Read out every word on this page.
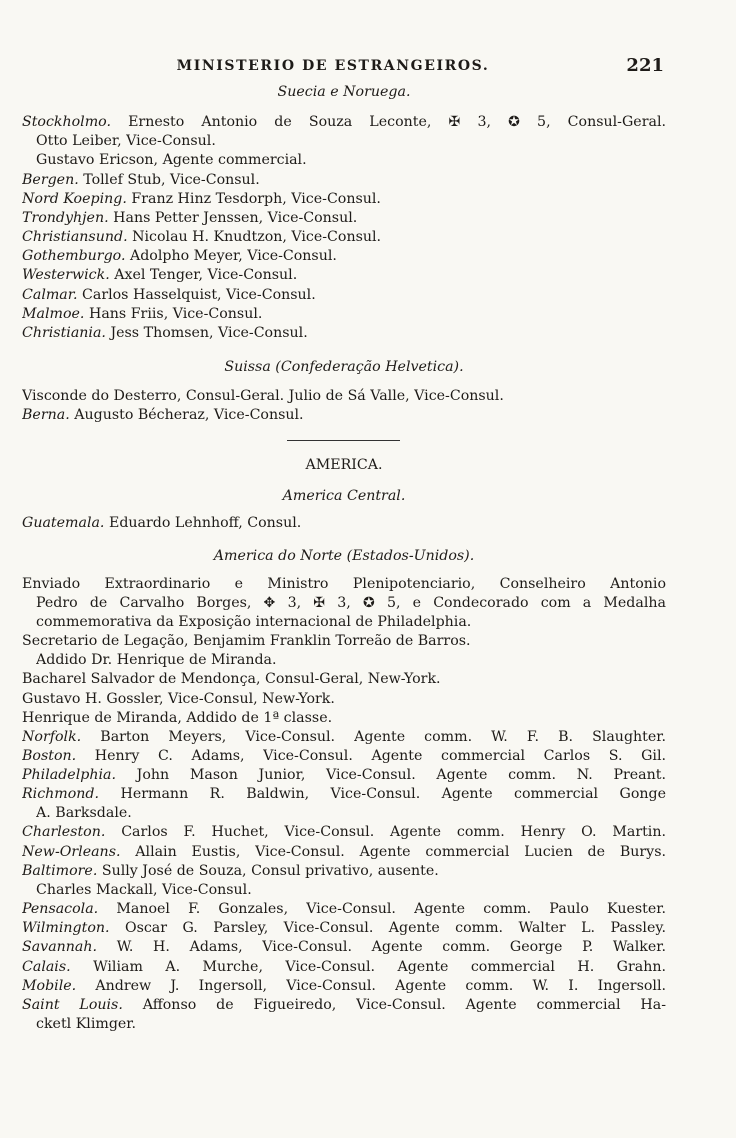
MINISTERIO DE ESTRANGEIROS.	221
Suecia e Noruega.
Stockholmo. Ernesto Antonio de Souza Leconte, ✠ 3, ✪ 5, Consul-Geral.
Otto Leiber, Vice-Consul.
Gustavo Ericson, Agente commercial.
Bergen. Tollef Stub, Vice-Consul.
Nord Koeping. Franz Hinz Tesdorph, Vice-Consul.
Trondyhjen. Hans Petter Jenssen, Vice-Consul.
Christiansund. Nicolau H. Knudtzon, Vice-Consul.
Gothemburgo. Adolpho Meyer, Vice-Consul.
Westerwick. Axel Tenger, Vice-Consul.
Calmar. Carlos Hasselquist, Vice-Consul.
Malmoe. Hans Friis, Vice-Consul.
Christiania. Jess Thomsen, Vice-Consul.
Suissa (Confederação Helvetica).
Visconde do Desterro, Consul-Geral. Julio de Sá Valle, Vice-Consul.
Berna. Augusto Bécheraz, Vice-Consul.
AMERICA.
America Central.
Guatemala. Eduardo Lehnhoff, Consul.
America do Norte (Estados-Unidos).
Enviado Extraordinario e Ministro Plenipotenciario, Conselheiro Antonio
Pedro de Carvalho Borges, ✥ 3, ✠ 3, ✪ 5, e Condecorado com a Medalha
commemorativa da Exposição internacional de Philadelphia.
Secretario de Legação, Benjamim Franklin Torreão de Barros.
Addido Dr. Henrique de Miranda.
Bacharel Salvador de Mendonça, Consul-Geral, New-York.
Gustavo H. Gossler, Vice-Consul, New-York.
Henrique de Miranda, Addido de 1ª classe.
Norfolk. Barton Meyers, Vice-Consul. Agente comm. W. F. B. Slaughter.
Boston. Henry C. Adams, Vice-Consul. Agente commercial Carlos S. Gil.
Philadelphia. John Mason Junior, Vice-Consul. Agente comm. N. Preant.
Richmond. Hermann R. Baldwin, Vice-Consul. Agente commercial Gonge
A. Barksdale.
Charleston. Carlos F. Huchet, Vice-Consul. Agente comm. Henry O. Martin.
New-Orleans. Allain Eustis, Vice-Consul. Agente commercial Lucien de Burys.
Baltimore. Sully José de Souza, Consul privativo, ausente.
Charles Mackall, Vice-Consul.
Pensacola. Manoel F. Gonzales, Vice-Consul. Agente comm. Paulo Kuester.
Wilmington. Oscar G. Parsley, Vice-Consul. Agente comm. Walter L. Passley.
Savannah. W. H. Adams, Vice-Consul. Agente comm. George P. Walker.
Calais. Wiliam A. Murche, Vice-Consul. Agente commercial H. Grahn.
Mobile. Andrew J. Ingersoll, Vice-Consul. Agente comm. W. I. Ingersoll.
Saint Louis. Affonso de Figueiredo, Vice-Consul. Agente commercial Ha-
cketl Klimger.
